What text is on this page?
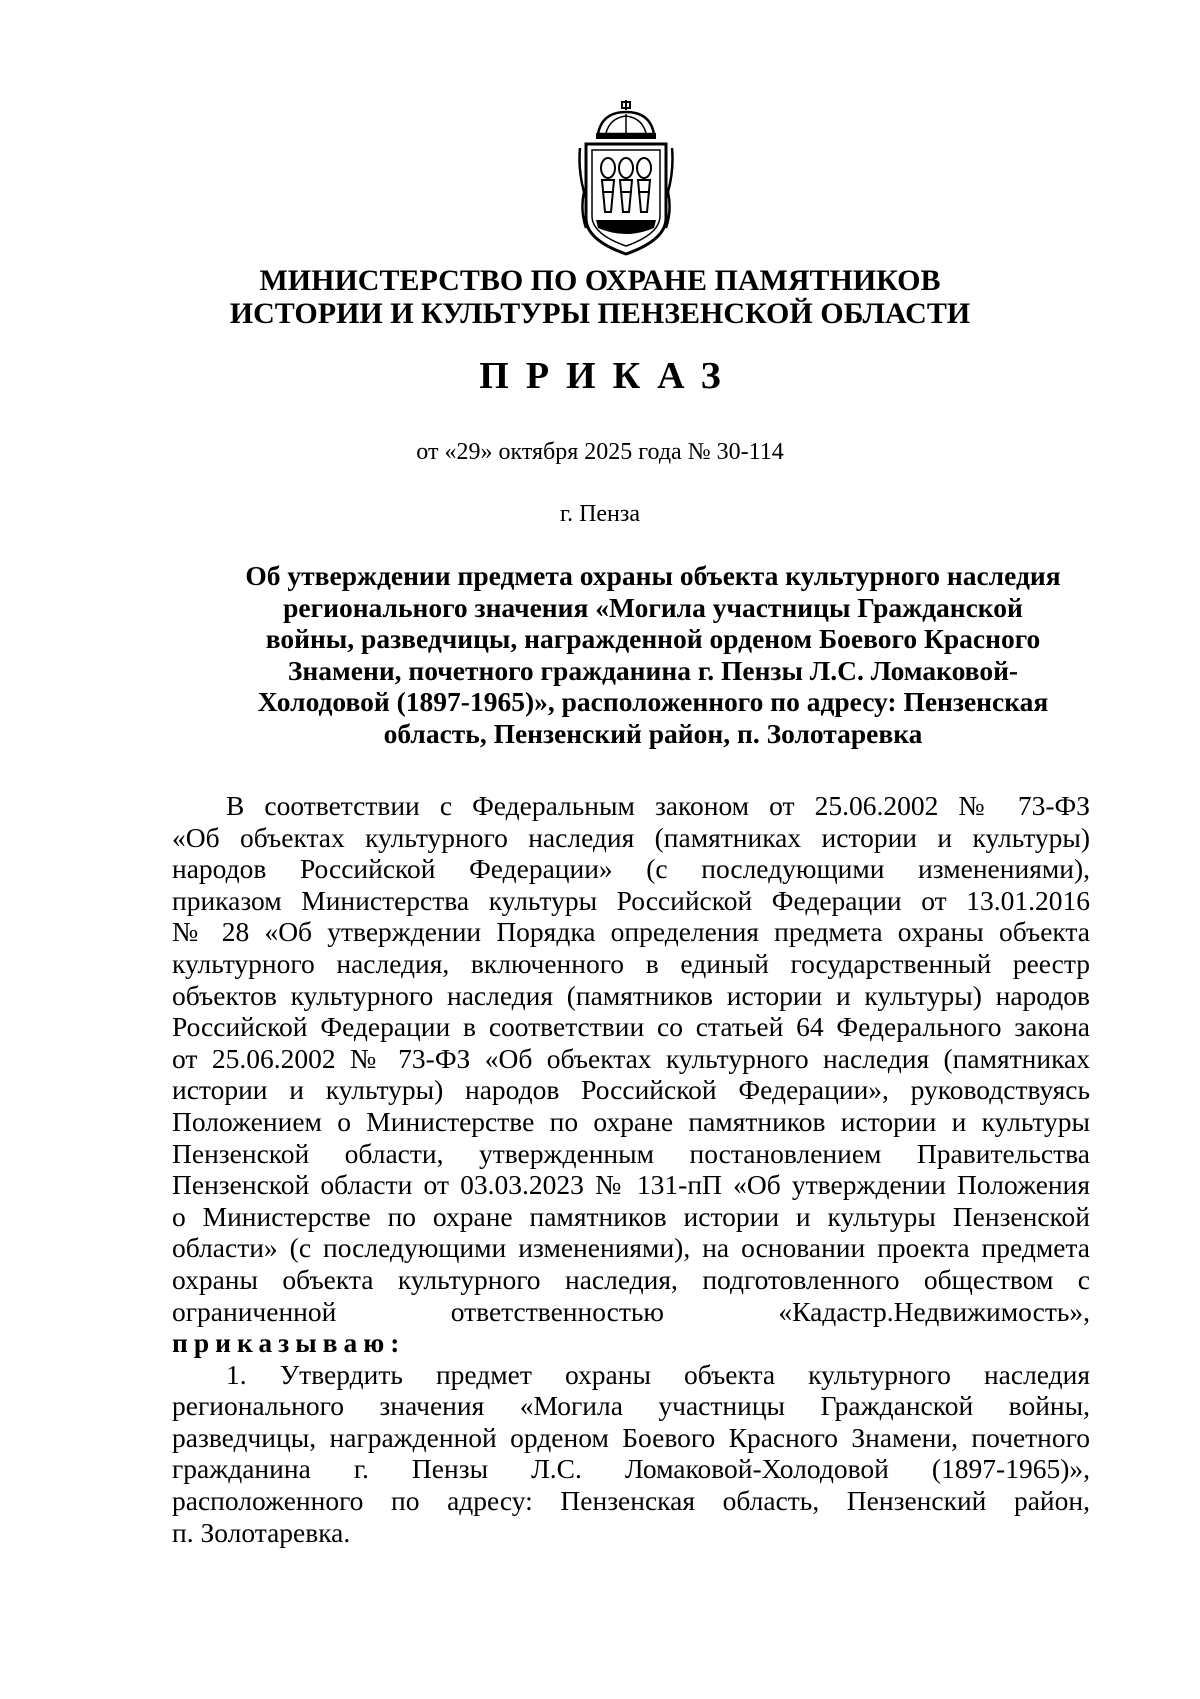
МИНИСТЕРСТВО ПО ОХРАНЕ ПАМЯТНИКОВ
ИСТОРИИ И КУЛЬТУРЫ ПЕНЗЕНСКОЙ ОБЛАСТИ
ПРИКАЗ
от «29» октября 2025 года № 30-114
г. Пенза
Об утверждении предмета охраны объекта культурного наследия
регионального значения «Могила участницы Гражданской
войны, разведчицы, награжденной орденом Боевого Красного
Знамени, почетного гражданина г. Пензы Л.С. Ломаковой-
Холодовой (1897-1965)», расположенного по адресу: Пензенская
область, Пензенский район, п. Золотаревка
В соответствии с Федеральным законом от 25.06.2002 № 73-ФЗ
«Об объектах культурного наследия (памятниках истории и культуры)
народов Российской Федерации» (с последующими изменениями),
приказом Министерства культуры Российской Федерации от 13.01.2016
№ 28 «Об утверждении Порядка определения предмета охраны объекта
культурного наследия, включенного в единый государственный реестр
объектов культурного наследия (памятников истории и культуры) народов
Российской Федерации в соответствии со статьей 64 Федерального закона
от 25.06.2002 № 73-ФЗ «Об объектах культурного наследия (памятниках
истории и культуры) народов Российской Федерации», руководствуясь
Положением о Министерстве по охране памятников истории и культуры
Пензенской области, утвержденным постановлением Правительства
Пензенской области от 03.03.2023 № 131-пП «Об утверждении Положения
о Министерстве по охране памятников истории и культуры Пензенской
области» (с последующими изменениями), на основании проекта предмета
охраны объекта культурного наследия, подготовленного обществом с
ограниченной ответственностью «Кадастр.Недвижимость»,
приказываю:
1. Утвердить предмет охраны объекта культурного наследия
регионального значения «Могила участницы Гражданской войны,
разведчицы, награжденной орденом Боевого Красного Знамени, почетного
гражданина г. Пензы Л.С. Ломаковой-Холодовой (1897-1965)»,
расположенного по адресу: Пензенская область, Пензенский район,
п. Золотаревка.
